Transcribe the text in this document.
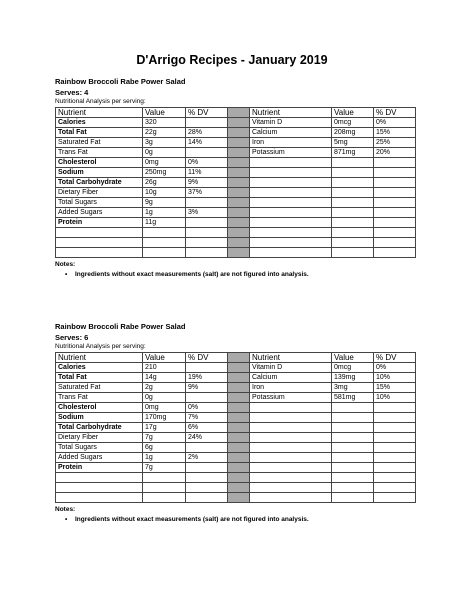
D'Arrigo Recipes - January 2019
Rainbow Broccoli Rabe Power Salad
Serves: 4
Nutritional Analysis per serving:
Nutrient	Value	% DV		Nutrient	Value	% DV
Calories	320			Vitamin D	0mcg	0%
Total Fat	22g	28%		Calcium	208mg	15%
Saturated Fat	3g	14%		Iron	5mg	25%
Trans Fat	0g			Potassium	871mg	20%
Cholesterol	0mg	0%				
Sodium	250mg	11%				
Total Carbohydrate	26g	9%				
Dietary Fiber	10g	37%				
Total Sugars	9g					
Added Sugars	1g	3%				
Protein	11g					

Notes:
• Ingredients without exact measurements (salt) are not figured into analysis.
Rainbow Broccoli Rabe Power Salad
Serves: 6
Nutritional Analysis per serving:
Nutrient	Value	% DV		Nutrient	Value	% DV
Calories	210			Vitamin D	0mcg	0%
Total Fat	14g	19%		Calcium	139mg	10%
Saturated Fat	2g	9%		Iron	3mg	15%
Trans Fat	0g			Potassium	581mg	10%
Cholesterol	0mg	0%				
Sodium	170mg	7%				
Total Carbohydrate	17g	6%				
Dietary Fiber	7g	24%				
Total Sugars	6g					
Added Sugars	1g	2%				
Protein	7g					

Notes:
• Ingredients without exact measurements (salt) are not figured into analysis.
